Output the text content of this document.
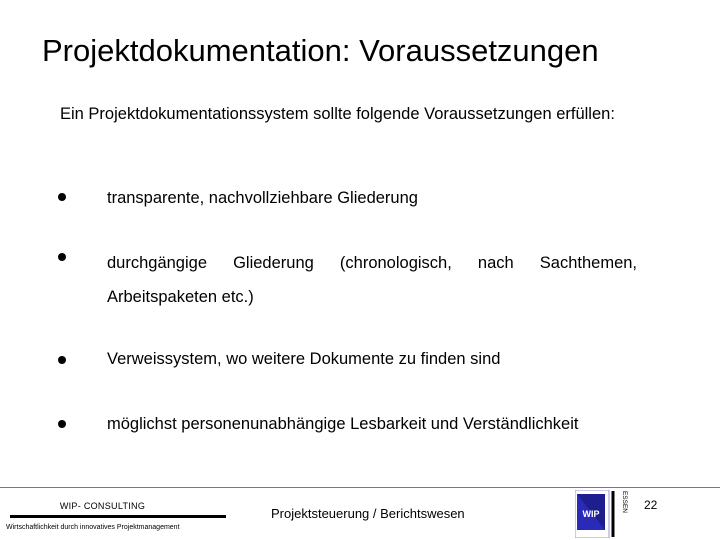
Projektdokumentation: Voraussetzungen
Ein Projektdokumentationssystem sollte folgende Voraussetzungen erfüllen:
transparente, nachvollziehbare Gliederung
durchgängige Gliederung (chronologisch, nach Sachthemen, Arbeitspaketen etc.)
Verweissystem, wo weitere Dokumente zu finden sind
möglichst personenunabhängige Lesbarkeit und Verständlichkeit
WIP- CONSULTING
Wirtschaftlichkeit durch innovatives Projektmanagement
Projektsteuerung / Berichtswesen
22
WIP
ESSEN
